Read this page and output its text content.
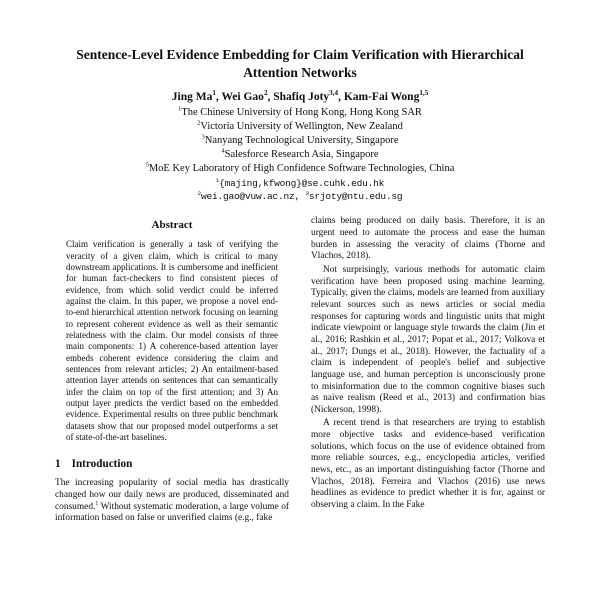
Sentence-Level Evidence Embedding for Claim Verification with Hierarchical Attention Networks
Jing Ma$^1$, Wei Gao$^2$, Shafiq Joty$^{3,4}$, Kam-Fai Wong$^{1,5}$
$^1$The Chinese University of Hong Kong, Hong Kong SAR
$^2$Victoria University of Wellington, New Zealand
$^3$Nanyang Technological University, Singapore
$^4$Salesforce Research Asia, Singapore
$^5$MoE Key Laboratory of High Confidence Software Technologies, China
$^1${majing,kfwong}@se.cuhk.edu.hk
$^2$wei.gao@vuw.ac.nz, $^3$srjoty@ntu.edu.sg
Abstract

Claim verification is generally a task of verifying the veracity of a given claim, which is critical to many downstream applications. It is cumbersome and inefficient for human fact-checkers to find consistent pieces of evidence, from which solid verdict could be inferred against the claim. In this paper, we propose a novel end-to-end hierarchical attention network focusing on learning to represent coherent evidence as well as their semantic relatedness with the claim. Our model consists of three main components: 1) A coherence-based attention layer embeds coherent evidence considering the claim and sentences from relevant articles; 2) An entailment-based attention layer attends on sentences that can semantically infer the claim on top of the first attention; and 3) An output layer predicts the verdict based on the embedded evidence. Experimental results on three public benchmark datasets show that our proposed model outperforms a set of state-of-the-art baselines.

1 Introduction

The increasing popularity of social media has drastically changed how our daily news are produced, disseminated and consumed.$^1$ Without systematic moderation, a large volume of information based on false or unverified claims (e.g., fake

claims being produced on daily basis. Therefore, it is an urgent need to automate the process and ease the human burden in assessing the veracity of claims (Thorne and Vlachos, 2018).

Not surprisingly, various methods for automatic claim verification have been proposed using machine learning. Typically, given the claims, models are learned from auxiliary relevant sources such as news articles or social media responses for capturing words and linguistic units that might indicate viewpoint or language style towards the claim (Jin et al., 2016; Rashkin et al., 2017; Popat et al., 2017; Volkova et al., 2017; Dungs et al., 2018). However, the factuality of a claim is independent of people's belief and subjective language use, and human perception is unconsciously prone to misinformation due to the common cognitive biases such as naive realism (Reed et al., 2013) and confirmation bias (Nickerson, 1998).

A recent trend is that researchers are trying to establish more objective tasks and evidence-based verification solutions, which focus on the use of evidence obtained from more reliable sources, e.g., encyclopedia articles, verified news, etc., as an important distinguishing factor (Thorne and Vlachos, 2018). Ferreira and Vlachos (2016) use news headlines as evidence to predict whether it is for, against or observing a claim. In the Fake
